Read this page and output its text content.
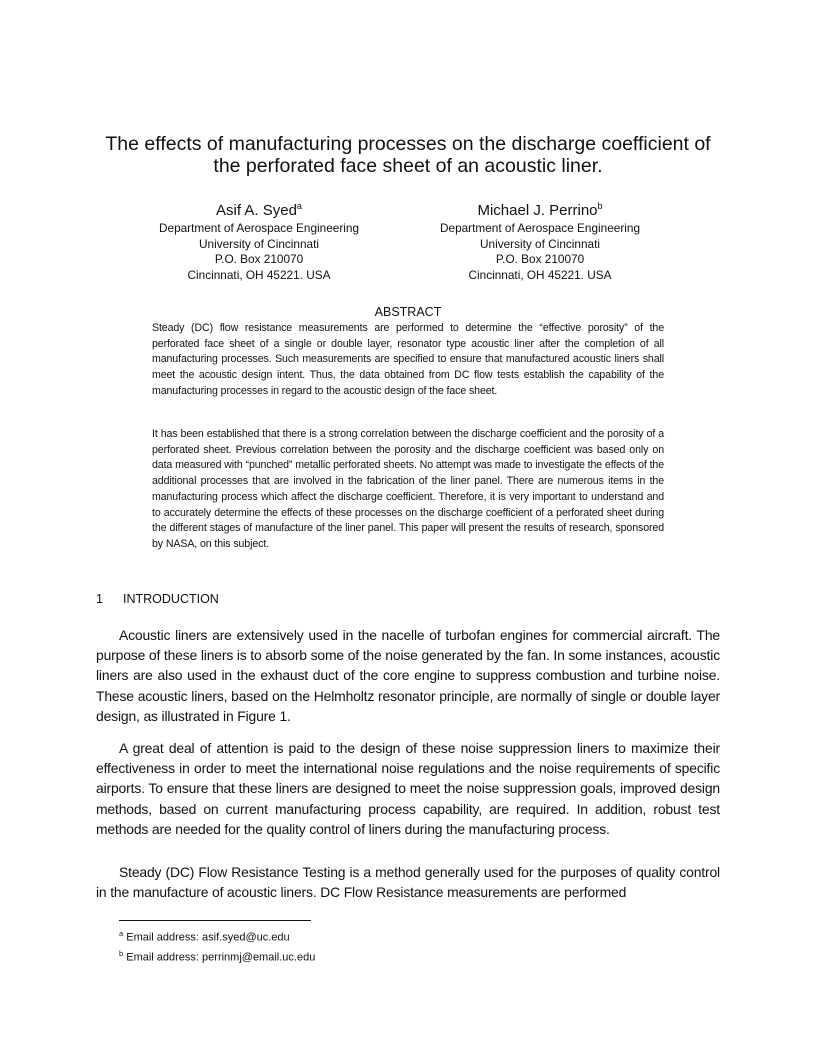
The effects of manufacturing processes on the discharge coefficient of the perforated face sheet of an acoustic liner.
Asif A. Syed$^a$
Department of Aerospace Engineering
University of Cincinnati
P.O. Box 210070
Cincinnati, OH 45221. USA
Michael J. Perrino$^b$
Department of Aerospace Engineering
University of Cincinnati
P.O. Box 210070
Cincinnati, OH 45221. USA
ABSTRACT

Steady (DC) flow resistance measurements are performed to determine the “effective porosity” of the perforated face sheet of a single or double layer, resonator type acoustic liner after the completion of all manufacturing processes. Such measurements are specified to ensure that manufactured acoustic liners shall meet the acoustic design intent. Thus, the data obtained from DC flow tests establish the capability of the manufacturing processes in regard to the acoustic design of the face sheet.

It has been established that there is a strong correlation between the discharge coefficient and the porosity of a perforated sheet. Previous correlation between the porosity and the discharge coefficient was based only on data measured with “punched” metallic perforated sheets. No attempt was made to investigate the effects of the additional processes that are involved in the fabrication of the liner panel. There are numerous items in the manufacturing process which affect the discharge coefficient. Therefore, it is very important to understand and to accurately determine the effects of these processes on the discharge coefficient of a perforated sheet during the different stages of manufacture of the liner panel. This paper will present the results of research, sponsored by NASA, on this subject.

1 INTRODUCTION

Acoustic liners are extensively used in the nacelle of turbofan engines for commercial aircraft. The purpose of these liners is to absorb some of the noise generated by the fan. In some instances, acoustic liners are also used in the exhaust duct of the core engine to suppress combustion and turbine noise. These acoustic liners, based on the Helmholtz resonator principle, are normally of single or double layer design, as illustrated in Figure 1.

A great deal of attention is paid to the design of these noise suppression liners to maximize their effectiveness in order to meet the international noise regulations and the noise requirements of specific airports. To ensure that these liners are designed to meet the noise suppression goals, improved design methods, based on current manufacturing process capability, are required. In addition, robust test methods are needed for the quality control of liners during the manufacturing process.

Steady (DC) Flow Resistance Testing is a method generally used for the purposes of quality control in the manufacture of acoustic liners. DC Flow Resistance measurements are performed

$^a$ Email address: asif.syed@uc.edu
$^b$ Email address: perrinmj@email.uc.edu
